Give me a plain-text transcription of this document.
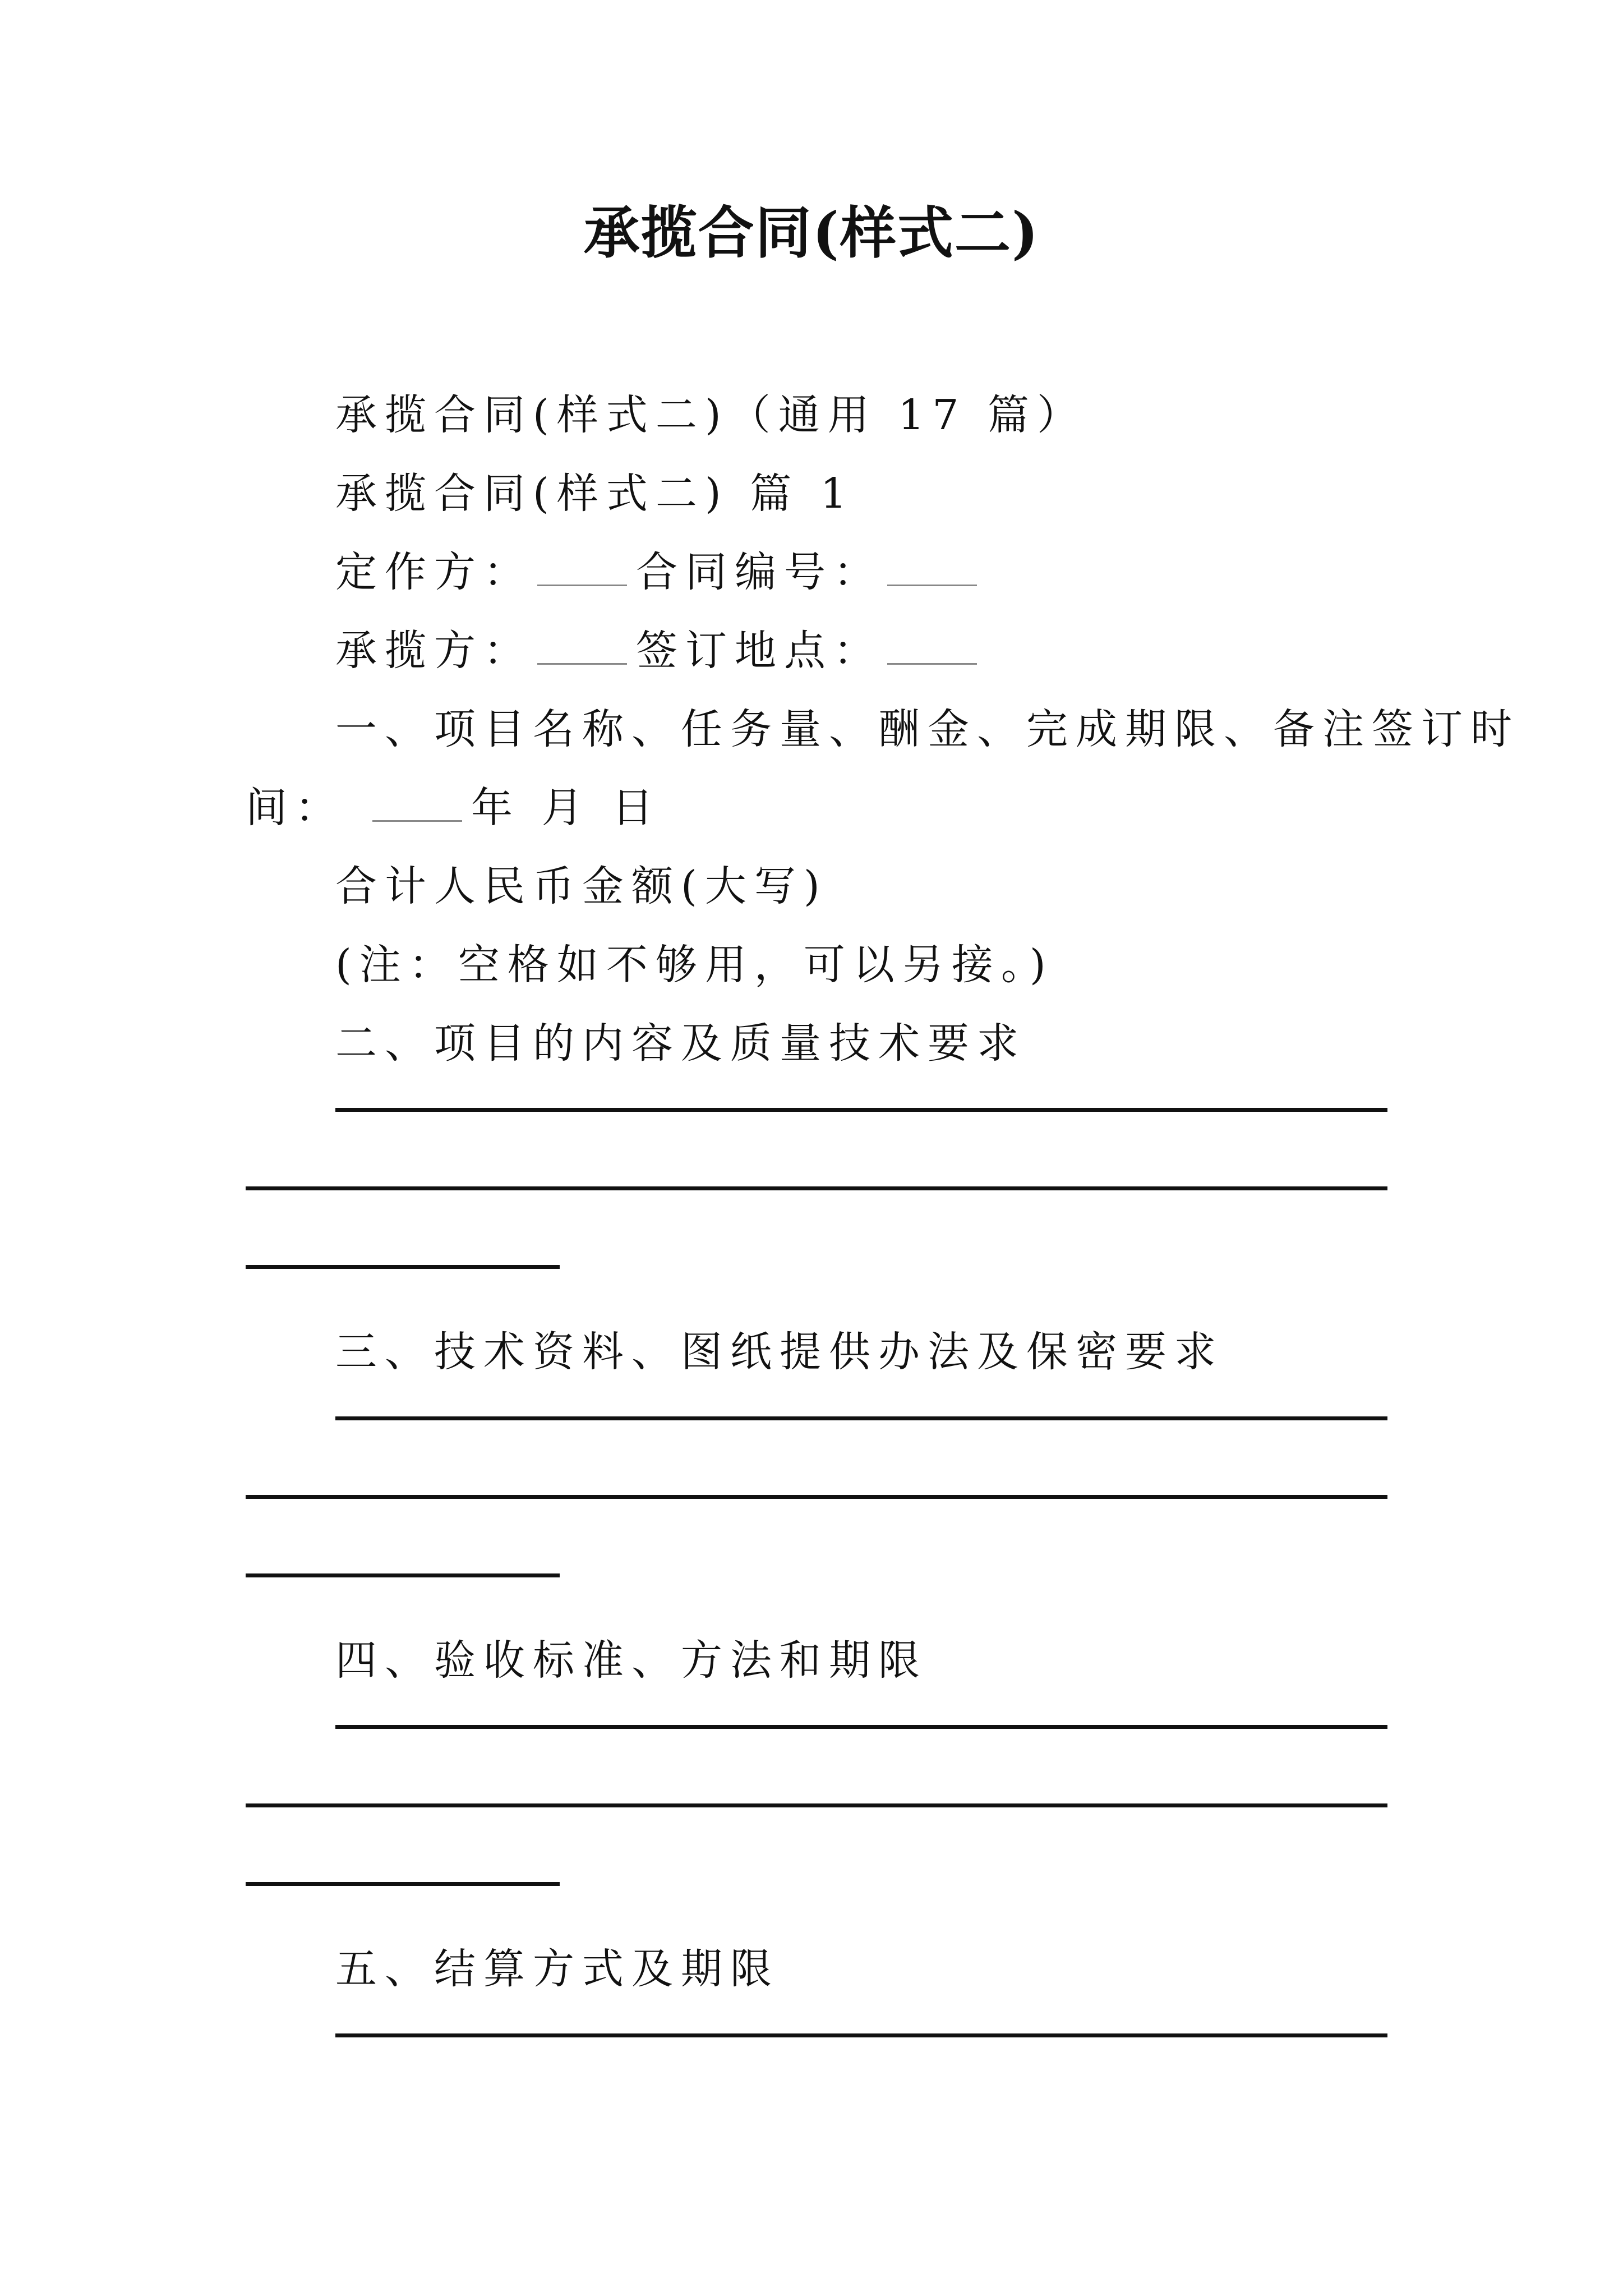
承揽合同(样式二)
承揽合同(样式二)（通用 17 篇）
承揽合同(样式二) 篇 1
定作方： 合同编号：
承揽方： 签订地点：
一、项目名称、任务量、酬金、完成期限、备注签订时
间：	年 月 日
合计人民币金额(大写)
(注：空格如不够用，可以另接。)
二、项目的内容及质量技术要求
三、技术资料、图纸提供办法及保密要求
四、验收标准、方法和期限
五、结算方式及期限
